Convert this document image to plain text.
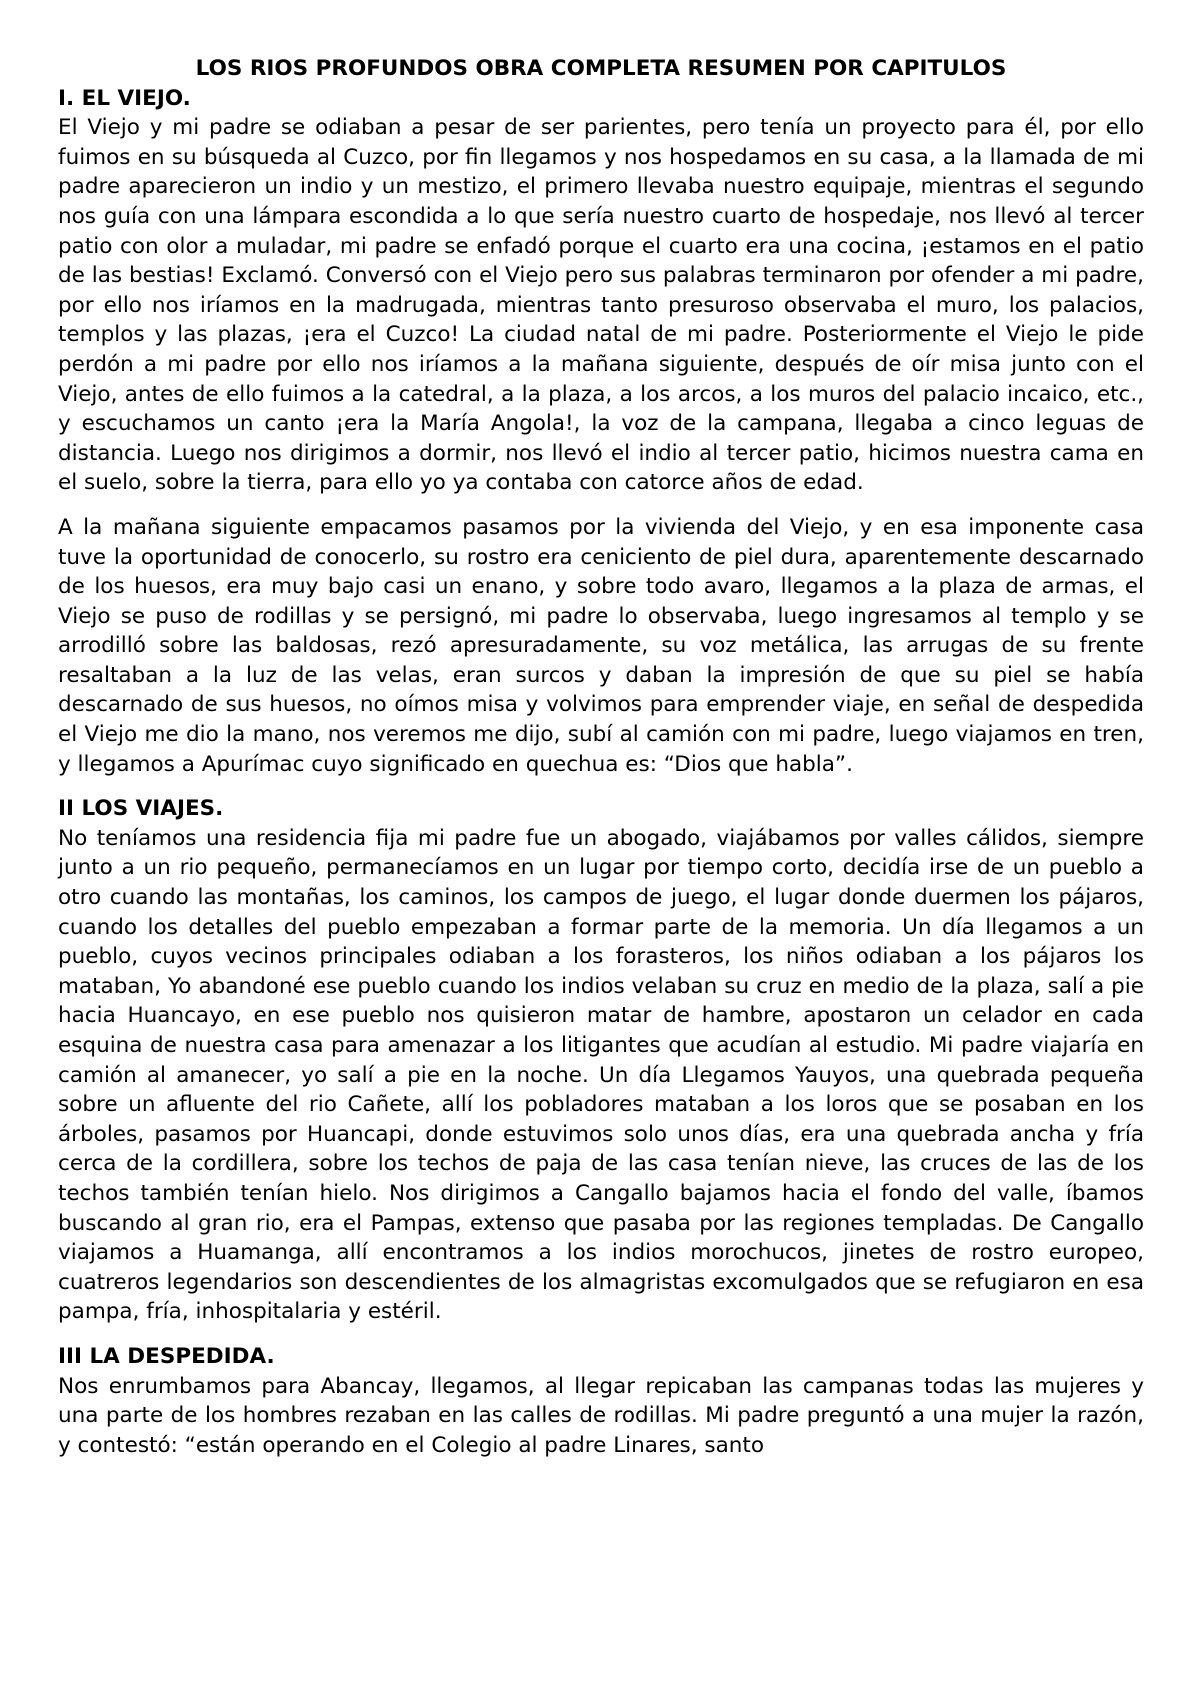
LOS RIOS PROFUNDOS OBRA COMPLETA RESUMEN POR CAPITULOS
I. EL VIEJO.

El Viejo y mi padre se odiaban a pesar de ser parientes, pero tenía un proyecto para él, por ello fuimos en su búsqueda al Cuzco, por fin llegamos y nos hospedamos en su casa, a la llamada de mi padre aparecieron un indio y un mestizo, el primero llevaba nuestro equipaje, mientras el segundo nos guía con una lámpara escondida a lo que sería nuestro cuarto de hospedaje, nos llevó al tercer patio con olor a muladar, mi padre se enfadó porque el cuarto era una cocina, ¡estamos en el patio de las bestias! Exclamó. Conversó con el Viejo pero sus palabras terminaron por ofender a mi padre, por ello nos iríamos en la madrugada, mientras tanto presuroso observaba el muro, los palacios, templos y las plazas, ¡era el Cuzco! La ciudad natal de mi padre. Posteriormente el Viejo le pide perdón a mi padre por ello nos iríamos a la mañana siguiente, después de oír misa junto con el Viejo, antes de ello fuimos a la catedral, a la plaza, a los arcos, a los muros del palacio incaico, etc., y escuchamos un canto ¡era la María Angola!, la voz de la campana, llegaba a cinco leguas de distancia. Luego nos dirigimos a dormir, nos llevó el indio al tercer patio, hicimos nuestra cama en el suelo, sobre la tierra, para ello yo ya contaba con catorce años de edad.

A la mañana siguiente empacamos pasamos por la vivienda del Viejo, y en esa imponente casa tuve la oportunidad de conocerlo, su rostro era ceniciento de piel dura, aparentemente descarnado de los huesos, era muy bajo casi un enano, y sobre todo avaro, llegamos a la plaza de armas, el Viejo se puso de rodillas y se persignó, mi padre lo observaba, luego ingresamos al templo y se arrodilló sobre las baldosas, rezó apresuradamente, su voz metálica, las arrugas de su frente resaltaban a la luz de las velas, eran surcos y daban la impresión de que su piel se había descarnado de sus huesos, no oímos misa y volvimos para emprender viaje, en señal de despedida el Viejo me dio la mano, nos veremos me dijo, subí al camión con mi padre, luego viajamos en tren, y llegamos a Apurímac cuyo significado en quechua es: “Dios que habla”.

II LOS VIAJES.

No teníamos una residencia fija mi padre fue un abogado, viajábamos por valles cálidos, siempre junto a un rio pequeño, permanecíamos en un lugar por tiempo corto, decidía irse de un pueblo a otro cuando las montañas, los caminos, los campos de juego, el lugar donde duermen los pájaros, cuando los detalles del pueblo empezaban a formar parte de la memoria. Un día llegamos a un pueblo, cuyos vecinos principales odiaban a los forasteros, los niños odiaban a los pájaros los mataban, Yo abandoné ese pueblo cuando los indios velaban su cruz en medio de la plaza, salí a pie hacia Huancayo, en ese pueblo nos quisieron matar de hambre, apostaron un celador en cada esquina de nuestra casa para amenazar a los litigantes que acudían al estudio. Mi padre viajaría en camión al amanecer, yo salí a pie en la noche. Un día Llegamos Yauyos, una quebrada pequeña sobre un afluente del rio Cañete, allí los pobladores mataban a los loros que se posaban en los árboles, pasamos por Huancapi, donde estuvimos solo unos días, era una quebrada ancha y fría cerca de la cordillera, sobre los techos de paja de las casa tenían nieve, las cruces de las de los techos también tenían hielo. Nos dirigimos a Cangallo bajamos hacia el fondo del valle, íbamos buscando al gran rio, era el Pampas, extenso que pasaba por las regiones templadas. De Cangallo viajamos a Huamanga, allí encontramos a los indios morochucos, jinetes de rostro europeo, cuatreros legendarios son descendientes de los almagristas excomulgados que se refugiaron en esa pampa, fría, inhospitalaria y estéril.

III LA DESPEDIDA.

Nos enrumbamos para Abancay, llegamos, al llegar repicaban las campanas todas las mujeres y una parte de los hombres rezaban en las calles de rodillas. Mi padre preguntó a una mujer la razón, y contestó: “están operando en el Colegio al padre Linares, santo
